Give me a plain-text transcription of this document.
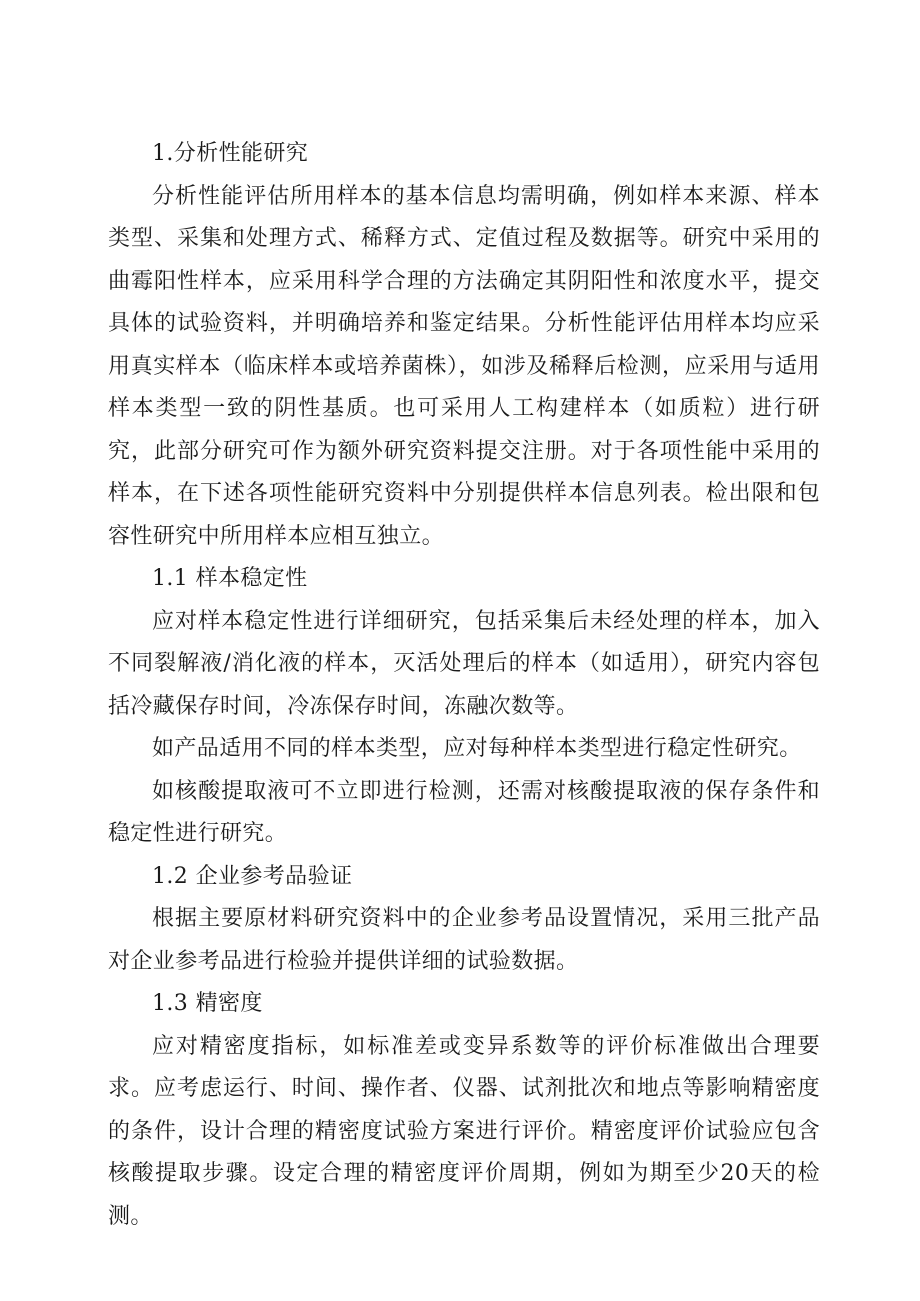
1.分析性能研究

分析性能评估所用样本的基本信息均需明确，例如样本来源、样本类型、采集和处理方式、稀释方式、定值过程及数据等。研究中采用的曲霉阳性样本，应采用科学合理的方法确定其阴阳性和浓度水平，提交具体的试验资料，并明确培养和鉴定结果。分析性能评估用样本均应采用真实样本（临床样本或培养菌株），如涉及稀释后检测，应采用与适用样本类型一致的阴性基质。也可采用人工构建样本（如质粒）进行研究，此部分研究可作为额外研究资料提交注册。对于各项性能中采用的样本，在下述各项性能研究资料中分别提供样本信息列表。检出限和包容性研究中所用样本应相互独立。

1.1 样本稳定性

应对样本稳定性进行详细研究，包括采集后未经处理的样本，加入不同裂解液/消化液的样本，灭活处理后的样本（如适用），研究内容包括冷藏保存时间，冷冻保存时间，冻融次数等。

如产品适用不同的样本类型，应对每种样本类型进行稳定性研究。

如核酸提取液可不立即进行检测，还需对核酸提取液的保存条件和稳定性进行研究。

1.2 企业参考品验证

根据主要原材料研究资料中的企业参考品设置情况，采用三批产品对企业参考品进行检验并提供详细的试验数据。

1.3 精密度

应对精密度指标，如标准差或变异系数等的评价标准做出合理要求。应考虑运行、时间、操作者、仪器、试剂批次和地点等影响精密度的条件，设计合理的精密度试验方案进行评价。精密度评价试验应包含核酸提取步骤。设定合理的精密度评价周期，例如为期至少20天的检测。
